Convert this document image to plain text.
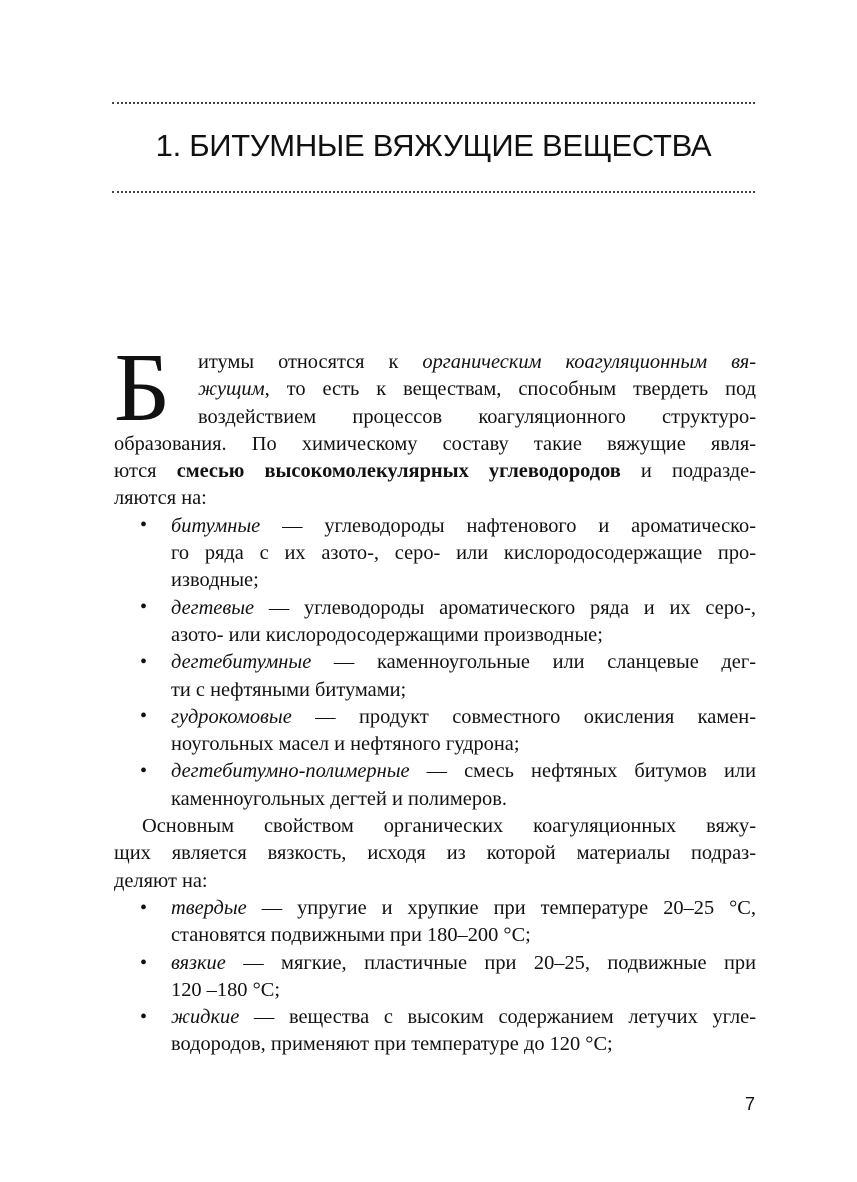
1. БИТУМНЫЕ ВЯЖУЩИЕ ВЕЩЕСТВА
Б	итумы относятся к органическим коагуляционным вя-
жущим, то есть к веществам, способным твердеть под
воздействием процессов коагуляционного структуро-
образования. По химическому составу такие вяжущие явля-
ются смесью высокомолекулярных углеводородов и подразде-
ляются на:
битумные — углеводороды нафтенового и ароматическо-
го ряда с их азото-, серо- или кислородосодержащие про-
изводные;
дегтевые — углеводороды ароматического ряда и их серо-,
азото- или кислородосодержащими производные;
дегтебитумные — каменноугольные или сланцевые дег-
ти с нефтяными битумами;
гудрокомовые — продукт совместного окисления камен-
ноугольных масел и нефтяного гудрона;
дегтебитумно-полимерные — смесь нефтяных битумов или
каменноугольных дегтей и полимеров.
Основным свойством органических коагуляционных вяжу-
щих является вязкость, исходя из которой материалы подраз-
деляют на:
твердые — упругие и хрупкие при температуре 20–25 °С,
становятся подвижными при 180–200 °С;
вязкие — мягкие, пластичные при 20–25, подвижные при
120 –180 °С;
жидкие — вещества с высоким содержанием летучих угле-
водородов, применяют при температуре до 120 °С;
•
•
•
•
•
•
•
•
7
